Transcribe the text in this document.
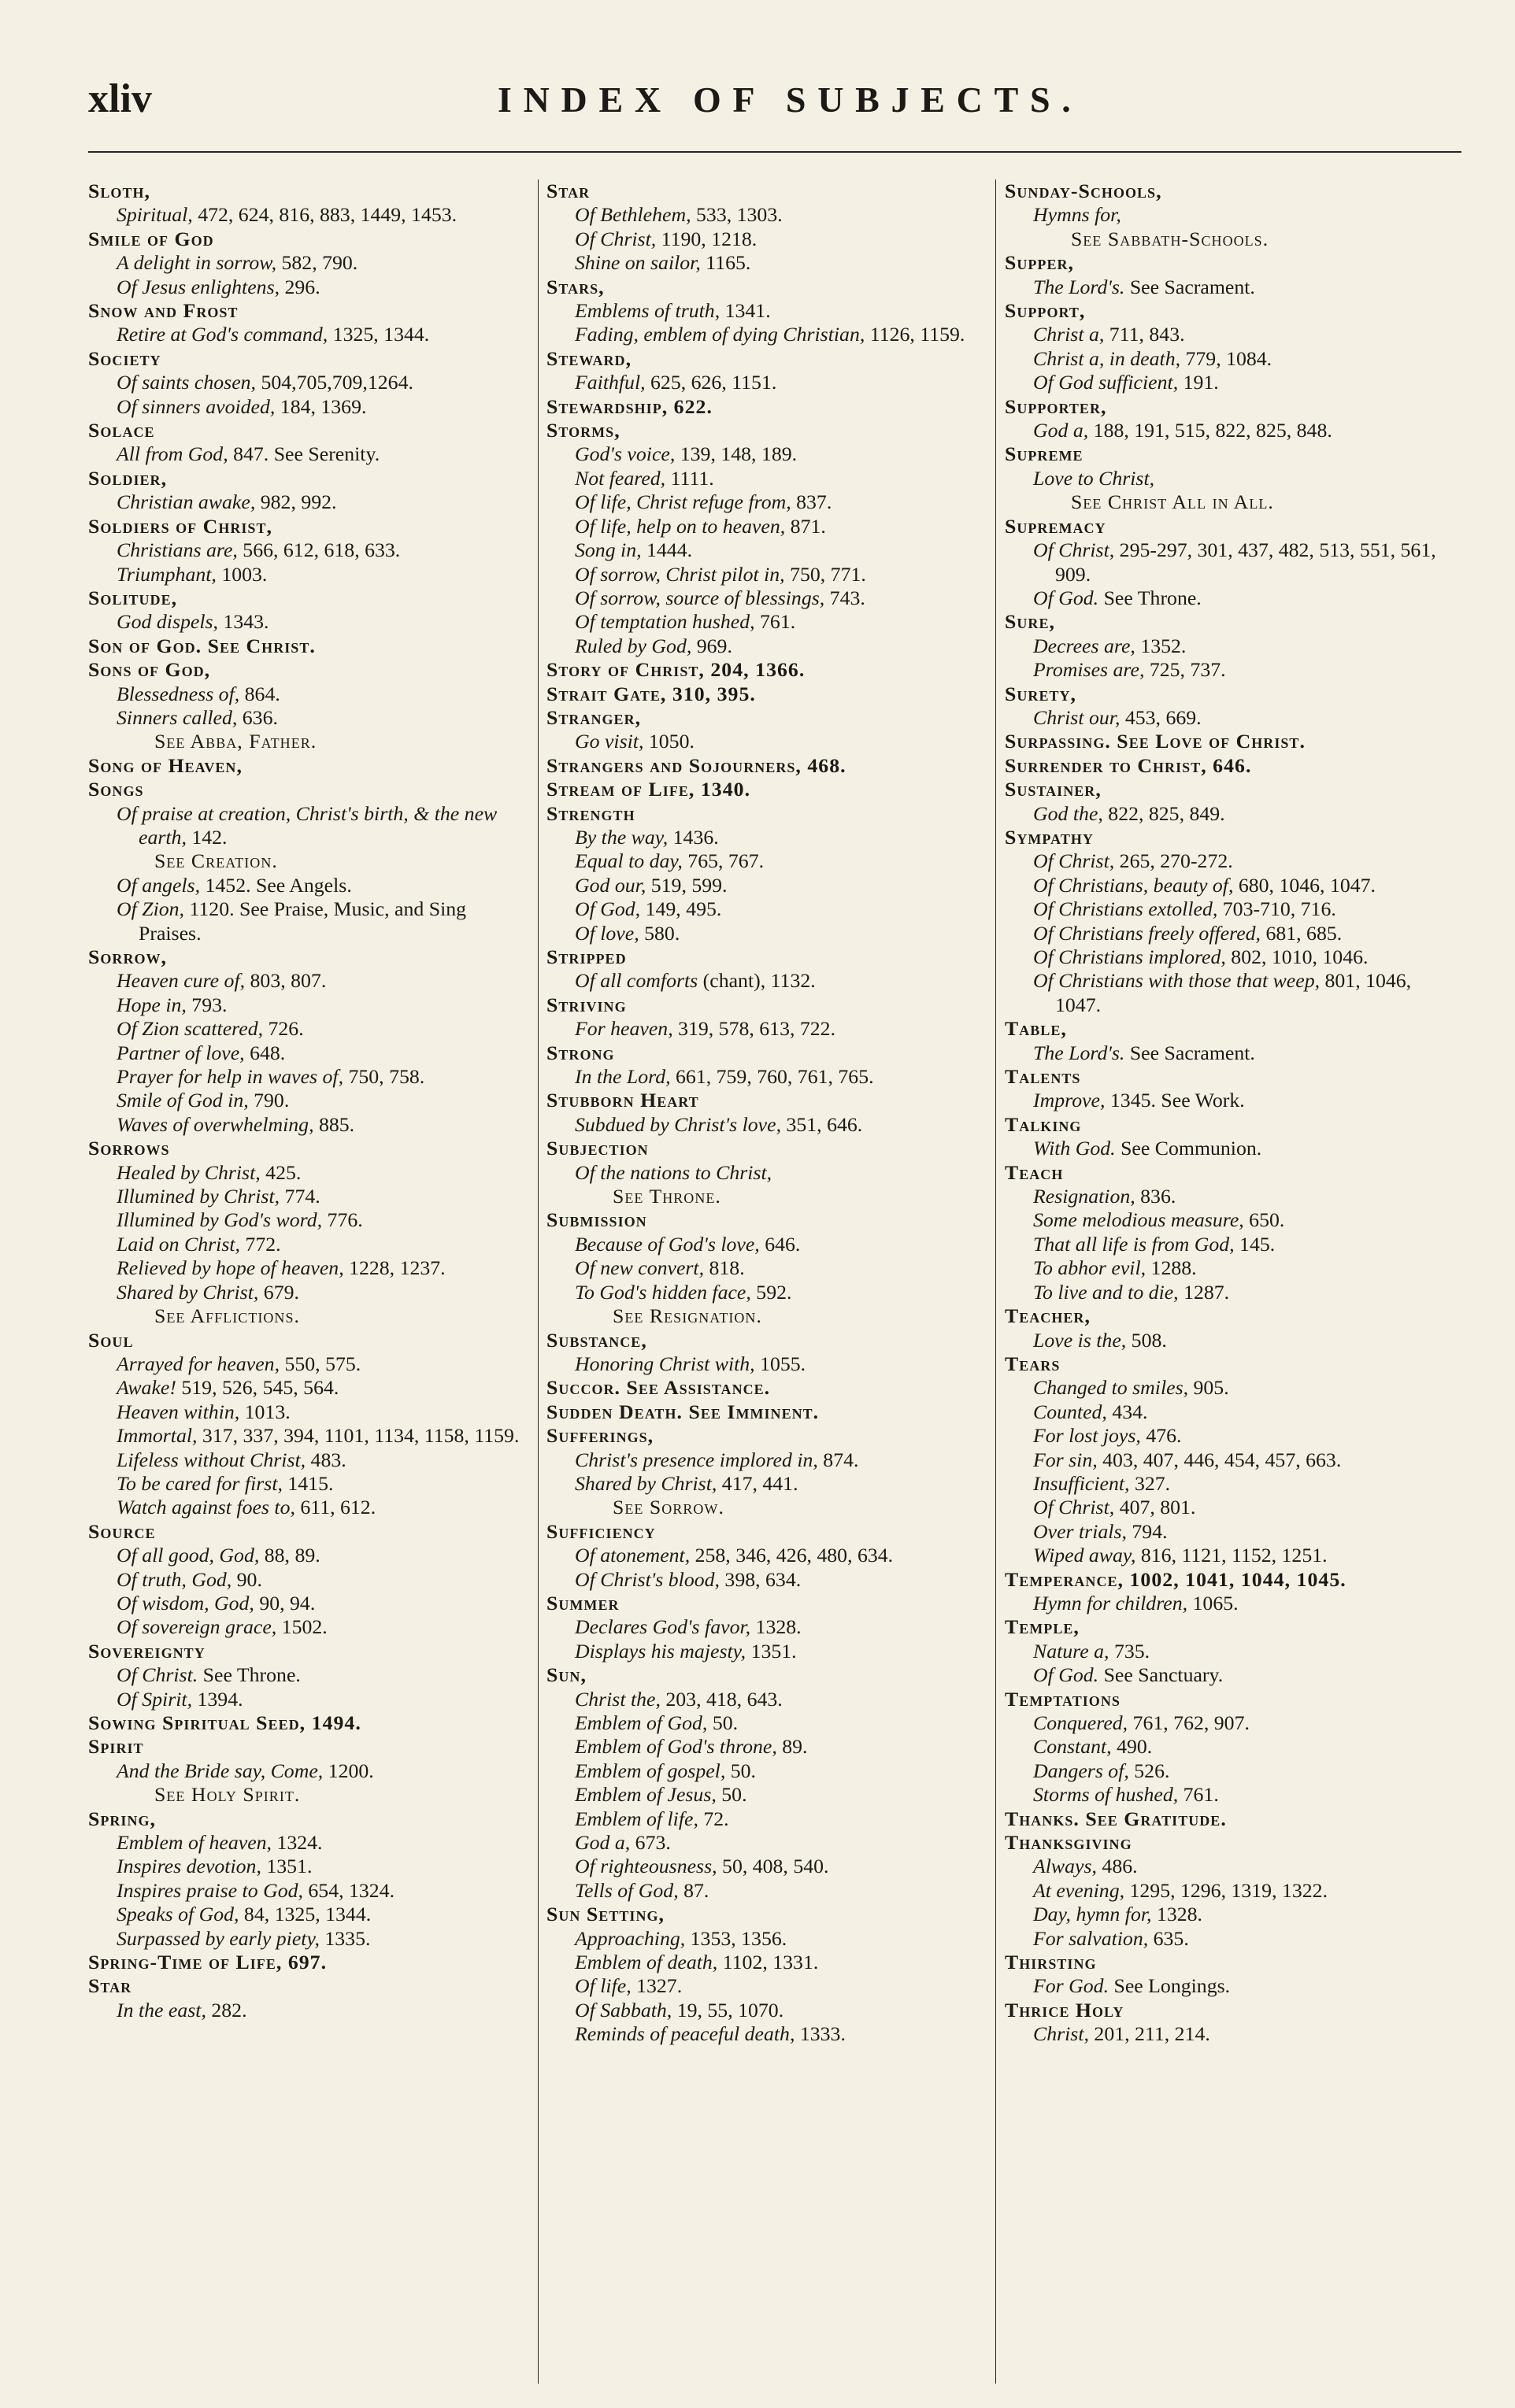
xliv	INDEX OF SUBJECTS.
Sloth,
Spiritual, 472, 624, 816, 883, 1449, 1453.
Smile of God
A delight in sorrow, 582, 790.
Of Jesus enlightens, 296.
Snow and Frost
Retire at God's command, 1325, 1344.
Society
Of saints chosen, 504,705,709,1264.
Of sinners avoided, 184, 1369.
Solace
All from God, 847. See Serenity.
Soldier,
Christian awake, 982, 992.
Soldiers of Christ,
Christians are, 566, 612, 618, 633.
Triumphant, 1003.
Solitude,
God dispels, 1343.
Son of God. See Christ.
Sons of God,
Blessedness of, 864.
Sinners called, 636.
See Abba, Father.
Song of Heaven,
Songs
Of praise at creation, Christ's birth, & the new earth, 142.
See Creation.
Of angels, 1452. See Angels.
Of Zion, 1120. See Praise, Music, and Sing Praises.
Sorrow,
Heaven cure of, 803, 807.
Hope in, 793.
Of Zion scattered, 726.
Partner of love, 648.
Prayer for help in waves of, 750, 758.
Smile of God in, 790.
Waves of overwhelming, 885.
Sorrows
Healed by Christ, 425.
Illumined by Christ, 774.
Illumined by God's word, 776.
Laid on Christ, 772.
Relieved by hope of heaven, 1228, 1237.
Shared by Christ, 679.
See Afflictions.
Soul
Arrayed for heaven, 550, 575.
Awake! 519, 526, 545, 564.
Heaven within, 1013.
Immortal, 317, 337, 394, 1101, 1134, 1158, 1159.
Lifeless without Christ, 483.
To be cared for first, 1415.
Watch against foes to, 611, 612.
Source
Of all good, God, 88, 89.
Of truth, God, 90.
Of wisdom, God, 90, 94.
Of sovereign grace, 1502.
Sovereignty
Of Christ. See Throne.
Of Spirit, 1394.
Sowing Spiritual Seed, 1494.
Spirit
And the Bride say, Come, 1200.
See Holy Spirit.
Spring,
Emblem of heaven, 1324.
Inspires devotion, 1351.
Inspires praise to God, 654, 1324.
Speaks of God, 84, 1325, 1344.
Surpassed by early piety, 1335.
Spring-Time of Life, 697.
Star
In the east, 282.
Star
Of Bethlehem, 533, 1303.
Of Christ, 1190, 1218.
Shine on sailor, 1165.
Stars,
Emblems of truth, 1341.
Fading, emblem of dying Christian, 1126, 1159.
Steward,
Faithful, 625, 626, 1151.
Stewardship, 622.
Storms,
God's voice, 139, 148, 189.
Not feared, 1111.
Of life, Christ refuge from, 837.
Of life, help on to heaven, 871.
Song in, 1444.
Of sorrow, Christ pilot in, 750, 771.
Of sorrow, source of blessings, 743.
Of temptation hushed, 761.
Ruled by God, 969.
Story of Christ, 204, 1366.
Strait Gate, 310, 395.
Stranger,
Go visit, 1050.
Strangers and Sojourners, 468.
Stream of Life, 1340.
Strength
By the way, 1436.
Equal to day, 765, 767.
God our, 519, 599.
Of God, 149, 495.
Of love, 580.
Stripped
Of all comforts (chant), 1132.
Striving
For heaven, 319, 578, 613, 722.
Strong
In the Lord, 661, 759, 760, 761, 765.
Stubborn Heart
Subdued by Christ's love, 351, 646.
Subjection
Of the nations to Christ,
See Throne.
Submission
Because of God's love, 646.
Of new convert, 818.
To God's hidden face, 592.
See Resignation.
Substance,
Honoring Christ with, 1055.
Succor. See Assistance.
Sudden Death. See Imminent.
Sufferings,
Christ's presence implored in, 874.
Shared by Christ, 417, 441.
See Sorrow.
Sufficiency
Of atonement, 258, 346, 426, 480, 634.
Of Christ's blood, 398, 634.
Summer
Declares God's favor, 1328.
Displays his majesty, 1351.
Sun,
Christ the, 203, 418, 643.
Emblem of God, 50.
Emblem of God's throne, 89.
Emblem of gospel, 50.
Emblem of Jesus, 50.
Emblem of life, 72.
God a, 673.
Of righteousness, 50, 408, 540.
Tells of God, 87.
Sun Setting,
Approaching, 1353, 1356.
Emblem of death, 1102, 1331.
Of life, 1327.
Of Sabbath, 19, 55, 1070.
Reminds of peaceful death, 1333.
Sunday-Schools,
Hymns for,
See Sabbath-Schools.
Supper,
The Lord's. See Sacrament.
Support,
Christ a, 711, 843.
Christ a, in death, 779, 1084.
Of God sufficient, 191.
Supporter,
God a, 188, 191, 515, 822, 825, 848.
Supreme
Love to Christ,
See Christ All in All.
Supremacy
Of Christ, 295-297, 301, 437, 482, 513, 551, 561, 909.
Of God. See Throne.
Sure,
Decrees are, 1352.
Promises are, 725, 737.
Surety,
Christ our, 453, 669.
Surpassing. See Love of Christ.
Surrender to Christ, 646.
Sustainer,
God the, 822, 825, 849.
Sympathy
Of Christ, 265, 270-272.
Of Christians, beauty of, 680, 1046, 1047.
Of Christians extolled, 703-710, 716.
Of Christians freely offered, 681, 685.
Of Christians implored, 802, 1010, 1046.
Of Christians with those that weep, 801, 1046, 1047.
Table,
The Lord's. See Sacrament.
Talents
Improve, 1345. See Work.
Talking
With God. See Communion.
Teach
Resignation, 836.
Some melodious measure, 650.
That all life is from God, 145.
To abhor evil, 1288.
To live and to die, 1287.
Teacher,
Love is the, 508.
Tears
Changed to smiles, 905.
Counted, 434.
For lost joys, 476.
For sin, 403, 407, 446, 454, 457, 663.
Insufficient, 327.
Of Christ, 407, 801.
Over trials, 794.
Wiped away, 816, 1121, 1152, 1251.
Temperance, 1002, 1041, 1044, 1045.
Hymn for children, 1065.
Temple,
Nature a, 735.
Of God. See Sanctuary.
Temptations
Conquered, 761, 762, 907.
Constant, 490.
Dangers of, 526.
Storms of hushed, 761.
Thanks. See Gratitude.
Thanksgiving
Always, 486.
At evening, 1295, 1296, 1319, 1322.
Day, hymn for, 1328.
For salvation, 635.
Thirsting
For God. See Longings.
Thrice Holy
Christ, 201, 211, 214.
